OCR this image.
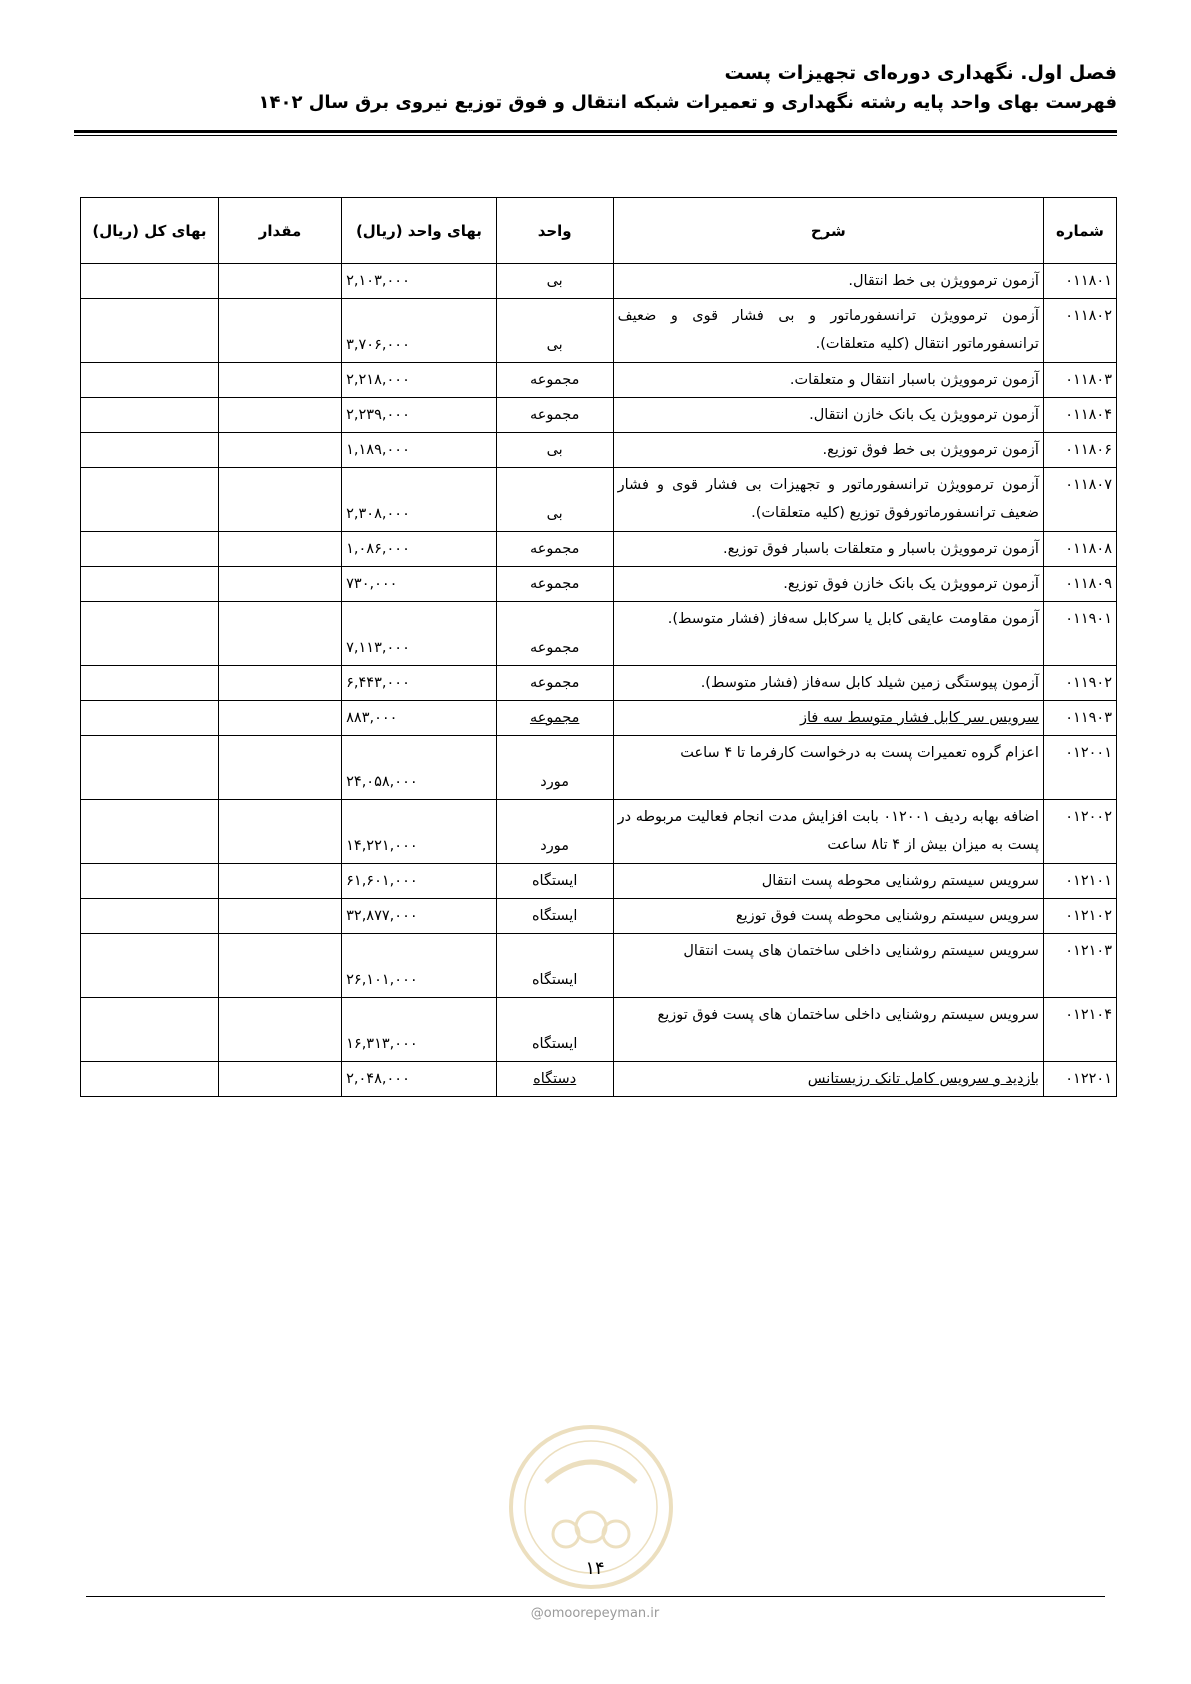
فصل اول. نگهداری دوره‌ای تجهیزات پست
فهرست بهای واحد پایه رشته نگهداری و تعمیرات شبکه انتقال و فوق توزیع نیروی برق سال ۱۴۰۲
شماره	شرح	واحد	بهای واحد (ریال)	مقدار	بهای کل (ریال)
۰۱۱۸۰۱	آزمون ترموویژن بی خط انتقال.	بی	۲,۱۰۳,۰۰۰		
۰۱۱۸۰۲	آزمون ترموویژن ترانسفورماتور و بی فشار قوی و ضعیف ترانسفورماتور انتقال (کلیه متعلقات).	بی	۳,۷۰۶,۰۰۰		
۰۱۱۸۰۳	آزمون ترموویژن باسبار انتقال و متعلقات.	مجموعه	۲,۲۱۸,۰۰۰		
۰۱۱۸۰۴	آزمون ترموویژن یک بانک خازن انتقال.	مجموعه	۲,۲۳۹,۰۰۰		
۰۱۱۸۰۶	آزمون ترموویژن بی خط فوق توزیع.	بی	۱,۱۸۹,۰۰۰		
۰۱۱۸۰۷	آزمون ترموویژن ترانسفورماتور و تجهیزات بی فشار قوی و فشار ضعیف ترانسفورماتورفوق توزیع (کلیه متعلقات).	بی	۲,۳۰۸,۰۰۰		
۰۱۱۸۰۸	آزمون ترموویژن باسبار و متعلقات باسبار فوق توزیع.	مجموعه	۱,۰۸۶,۰۰۰		
۰۱۱۸۰۹	آزمون ترموویژن یک بانک خازن فوق توزیع.	مجموعه	۷۳۰,۰۰۰		
۰۱۱۹۰۱	آزمون مقاومت عایقی کابل یا سرکابل سه‌فاز (فشار متوسط).	مجموعه	۷,۱۱۳,۰۰۰		
۰۱۱۹۰۲	آزمون پیوستگی زمین شیلد کابل سه‌فاز (فشار متوسط).	مجموعه	۶,۴۴۳,۰۰۰		
۰۱۱۹۰۳	سرویس سر کابل فشار متوسط سه فاز	مجموعه	۸۸۳,۰۰۰		
۰۱۲۰۰۱	اعزام گروه تعمیرات پست به درخواست کارفرما تا ۴ ساعت	مورد	۲۴,۰۵۸,۰۰۰		
۰۱۲۰۰۲	اضافه بهابه ردیف ۰۱۲۰۰۱ بابت افزایش مدت انجام فعالیت مربوطه در پست به میزان بیش از ۴ تا۸ ساعت	مورد	۱۴,۲۲۱,۰۰۰		
۰۱۲۱۰۱	سرویس سیستم روشنایی محوطه پست انتقال	ایستگاه	۶۱,۶۰۱,۰۰۰		
۰۱۲۱۰۲	سرویس سیستم روشنایی محوطه پست فوق توزیع	ایستگاه	۳۲,۸۷۷,۰۰۰		
۰۱۲۱۰۳	سرویس سیستم روشنایی داخلی ساختمان های پست انتقال	ایستگاه	۲۶,۱۰۱,۰۰۰		
۰۱۲۱۰۴	سرویس سیستم روشنایی داخلی ساختمان های پست فوق توزیع	ایستگاه	۱۶,۳۱۳,۰۰۰		
۰۱۲۲۰۱	بازدید و سرویس کامل تانک رزیستانس	دستگاه	۲,۰۴۸,۰۰۰		
۱۴
@omoorepeyman.ir
